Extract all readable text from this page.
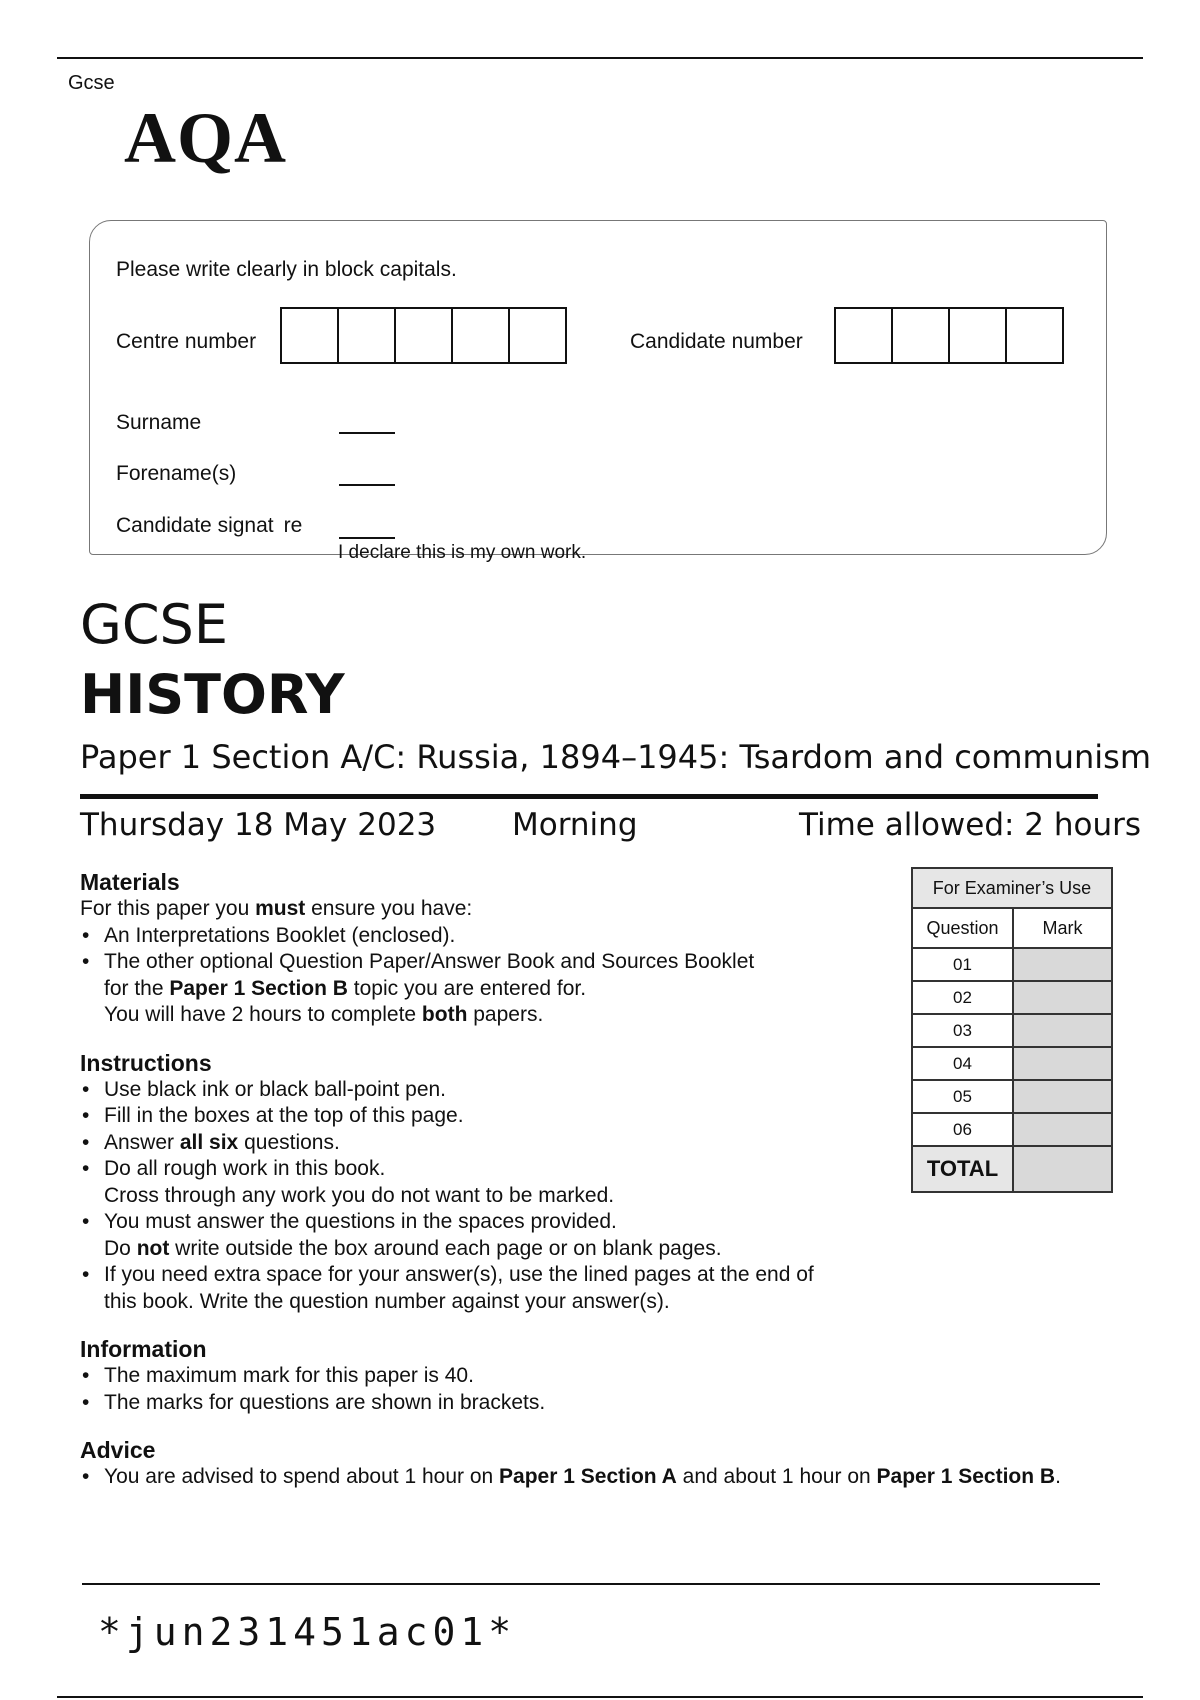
Gcse
AQA
Please write clearly in block capitals.
Centre number	Candidate number
Surname
Forename(s)
Candidate signat  re
I declare this is my own work.
GCSE
HISTORY
Paper 1 Section A/C: Russia, 1894–1945: Tsardom and communism
Thursday 18 May 2023 Morning	Time allowed: 2 hours
Materials
For this paper you must ensure you have:
• An Interpretations Booklet (enclosed).
• The other optional Question Paper/Answer Book and Sources Booklet
for the Paper 1 Section B topic you are entered for.
You will have 2 hours to complete both papers.
Instructions
• Use black ink or black ball-point pen.
• Fill in the boxes at the top of this page.
• Answer all six questions.
• Do all rough work in this book.
Cross through any work you do not want to be marked.
• You must answer the questions in the spaces provided.
Do not write outside the box around each page or on blank pages.
• If you need extra space for your answer(s), use the lined pages at the end of
this book. Write the question number against your answer(s).
Information
• The maximum mark for this paper is 40.
• The marks for questions are shown in brackets.
Advice
• You are advised to spend about 1 hour on Paper 1 Section A and about 1 hour on Paper 1 Section B.
For Examiner’s Use	
Question	Mark
01	
02	
03	
04	
05	
06	
TOTAL	
*jun231451ac01*
